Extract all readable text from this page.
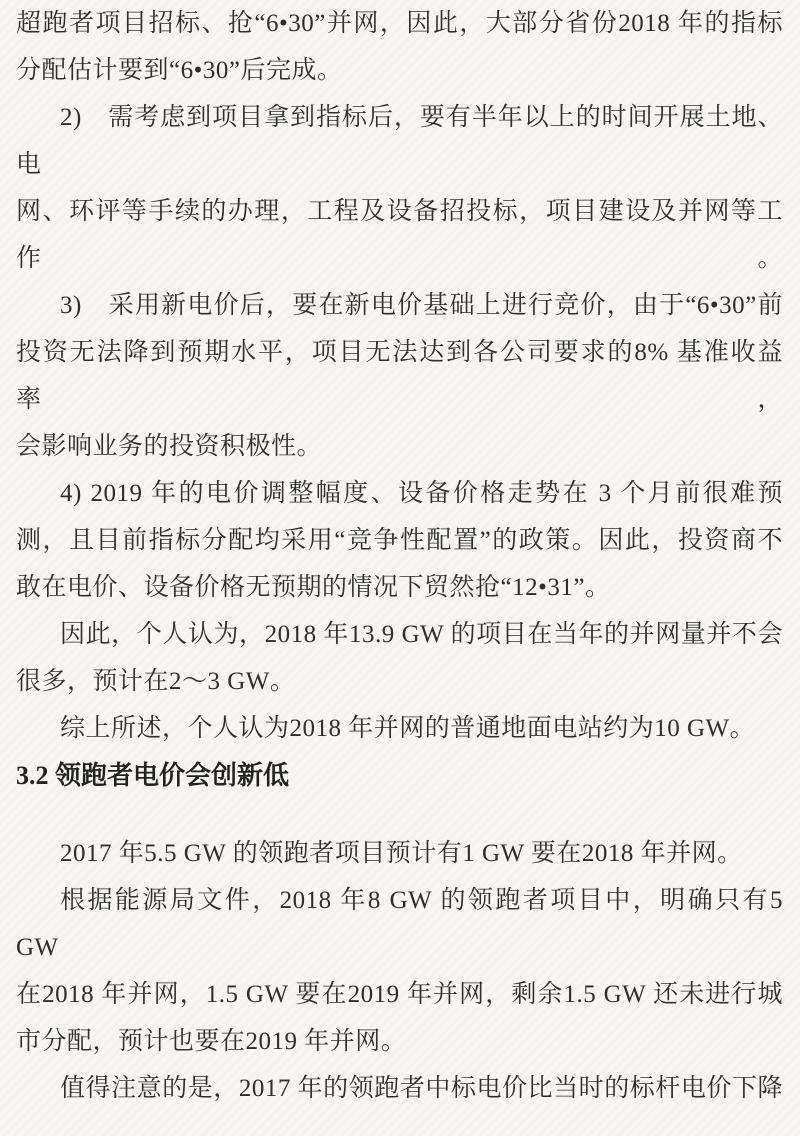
超跑者项目招标、抢“6•30”并网，因此，大部分省份2018 年的指标
分配估计要到“6•30”后完成。

2)　需考虑到项目拿到指标后，要有半年以上的时间开展土地、电
网、环评等手续的办理，工程及设备招投标，项目建设及并网等工作。

3)　采用新电价后，要在新电价基础上进行竞价，由于“6•30”前
投资无法降到预期水平，项目无法达到各公司要求的8% 基准收益率，
会影响业务的投资积极性。

4) 2019 年的电价调整幅度、设备价格走势在 3 个月前很难预
测，且目前指标分配均采用“竞争性配置”的政策。因此，投资商不
敢在电价、设备价格无预期的情况下贸然抢“12•31”。

因此，个人认为，2018 年13.9 GW 的项目在当年的并网量并不会
很多，预计在2～3 GW。

综上所述，个人认为2018 年并网的普通地面电站约为10 GW。

3.2 领跑者电价会创新低

2017 年5.5 GW 的领跑者项目预计有1 GW 要在2018 年并网。

根据能源局文件，2018 年8 GW 的领跑者项目中，明确只有5 GW
在2018 年并网，1.5 GW 要在2019 年并网，剩余1.5 GW 还未进行城
市分配，预计也要在2019 年并网。

值得注意的是，2017 年的领跑者中标电价比当时的标杆电价下降
